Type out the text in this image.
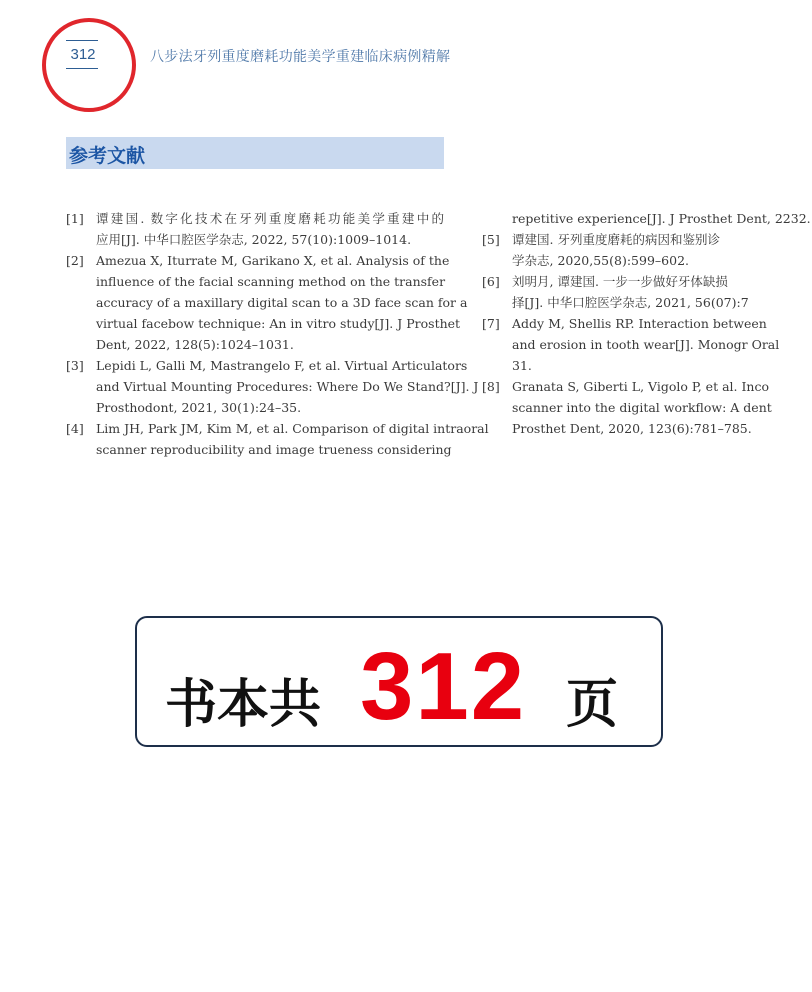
312	八步法牙列重度磨耗功能美学重建临床病例精解
参考文献
[1] 谭建国. 数字化技术在牙列重度磨耗功能美学重建中的
应用[J]. 中华口腔医学杂志, 2022, 57(10):1009–1014.
[2] Amezua X, Iturrate M, Garikano X, et al. Analysis of the
influence of the facial scanning method on the transfer
accuracy of a maxillary digital scan to a 3D face scan for a
virtual facebow technique: An in vitro study[J]. J Prosthet
Dent, 2022, 128(5):1024–1031.
[3] Lepidi L, Galli M, Mastrangelo F, et al. Virtual Articulators
and Virtual Mounting Procedures: Where Do We Stand?[J]. J
Prosthodont, 2021, 30(1):24–35.
[4] Lim JH, Park JM, Kim M, et al. Comparison of digital intraoral
scanner reproducibility and image trueness considering
repetitive experience[J]. J Prosthet Dent, 2232.
[5] 谭建国. 牙列重度磨耗的病因和鉴别诊
学杂志, 2020,55(8):599–602.
[6] 刘明月, 谭建国. 一步一步做好牙体缺损
择[J]. 中华口腔医学杂志, 2021, 56(07):7
[7] Addy M, Shellis RP. Interaction between
and erosion in tooth wear[J]. Monogr Oral
31.
[8] Granata S, Giberti L, Vigolo P, et al. Inco
scanner into the digital workflow: A dent
Prosthet Dent, 2020, 123(6):781–785.
书本共 312 页
